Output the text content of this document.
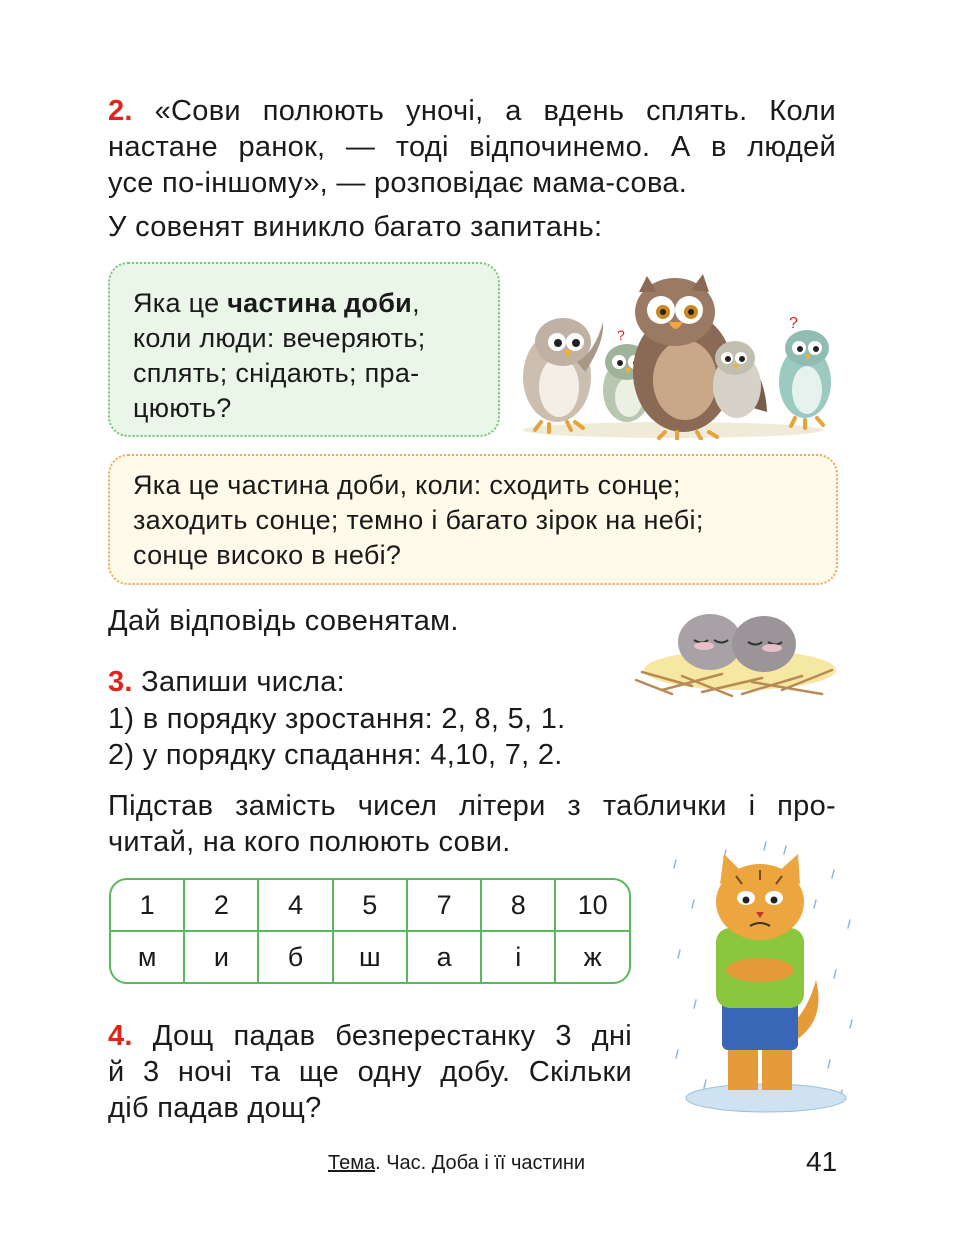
2. «Сови полюють уночі, а вдень сплять. Коли
настане ранок, — тоді відпочинемо. А в людей
усе по-іншому», — розповідає мама-сова.
У совенят виникло багато запитань:
Яка це частина доби,
коли люди: вечеряють;
сплять; снідають; пра-
цюють?
?
?
Яка це частина доби, коли: сходить сонце;
заходить сонце; темно і багато зірок на небі;
сонце високо в небі?
Дай відповідь совенятам.
3. Запиши числа:
1) в порядку зростання: 2, 8, 5, 1.
2) у порядку спадання: 4,10, 7, 2.
Підстав замість чисел літери з таблички і про-
читай, на кого полюють сови.
1	2	4	5	7	8	10
м	и	б	ш	а	і	ж
4. Дощ падав безперестанку 3 дні
й 3 ночі та ще одну добу. Скільки
діб падав дощ?
Тема. Час. Доба і її частини	41
